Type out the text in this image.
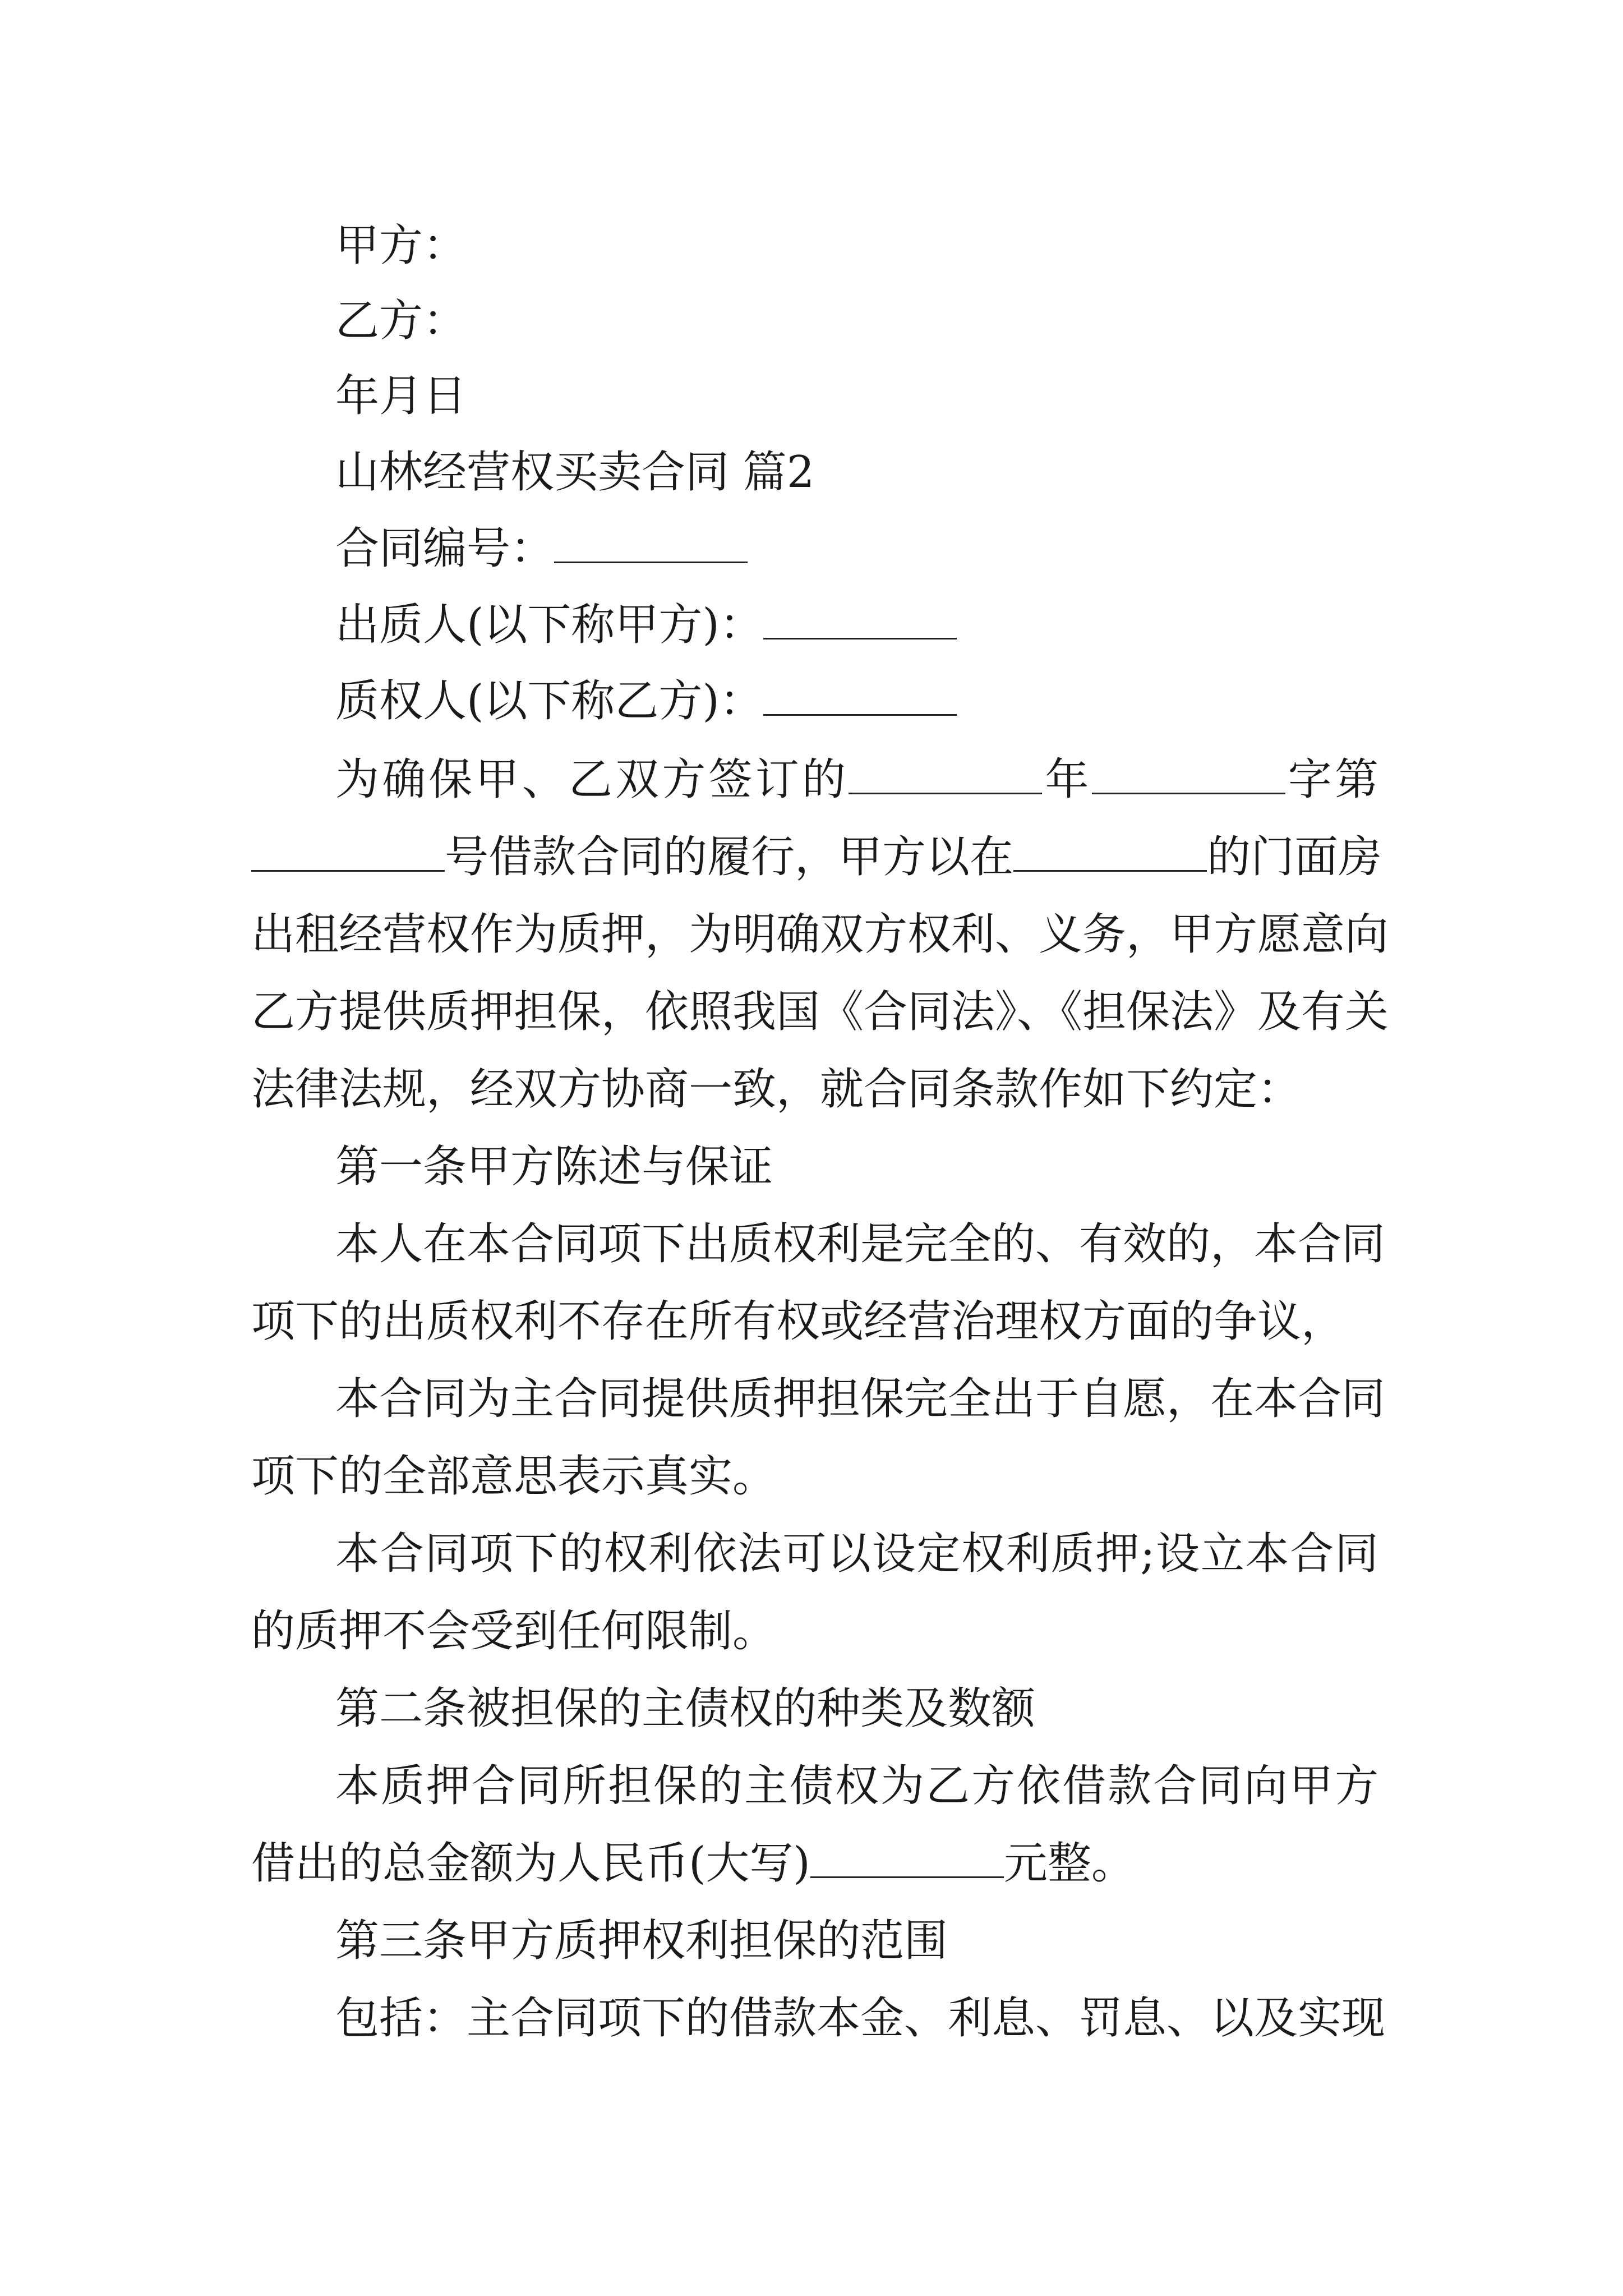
甲方：
乙方：
年月日
山林经营权买卖合同 篇2
合同编号：
出质人(以下称甲方)：
质权人(以下称乙方)：
为确保甲、乙双方签订的	年	字第
号借款合同的履行，甲方以在	的门面房
出租经营权作为质押，为明确双方权利、义务，甲方愿意向
乙方提供质押担保，依照我国《合同法》、《担保法》及有关
法律法规，经双方协商一致，就合同条款作如下约定：
第一条甲方陈述与保证
本人在本合同项下出质权利是完全的、有效的，本合同
项下的出质权利不存在所有权或经营治理权方面的争议，
本合同为主合同提供质押担保完全出于自愿，在本合同
项下的全部意思表示真实。
本合同项下的权利依法可以设定权利质押;设立本合同
的质押不会受到任何限制。
第二条被担保的主债权的种类及数额
本质押合同所担保的主债权为乙方依借款合同向甲方
借出的总金额为人民币(大写)	元整。
第三条甲方质押权利担保的范围
包括：主合同项下的借款本金、利息、罚息、以及实现
